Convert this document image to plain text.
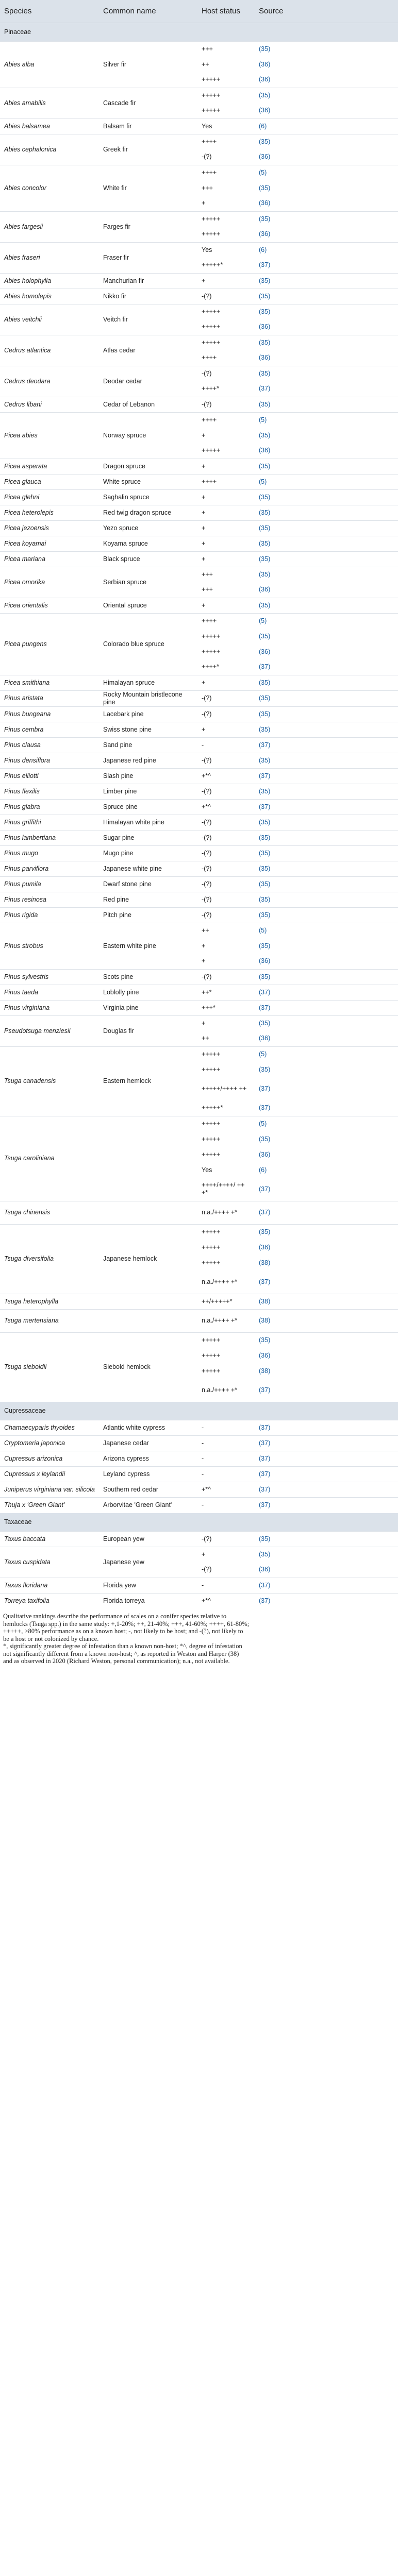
Species	Common name	Host status	Source
Pinaceae			
Abies alba	Silver fir	+++	(35)
		++	(36)
		+++++	(36)
Abies amabilis	Cascade fir	+++++	(35)
		+++++	(36)
Abies balsamea	Balsam fir	Yes	(6)
Abies cephalonica	Greek fir	++++	(35)
		-(?)	(36)
Abies concolor	White fir	++++	(5)
		+++	(35)
		+	(36)
Abies fargesii	Farges fir	+++++	(35)
		+++++	(36)
Abies fraseri	Fraser fir	Yes	(6)
		+++++*	(37)
Abies holophylla	Manchurian fir	+	(35)
Abies homolepis	Nikko fir	-(?)	(35)
Abies veitchii	Veitch fir	+++++	(35)
		+++++	(36)
Cedrus atlantica	Atlas cedar	+++++	(35)
		++++	(36)
Cedrus deodara	Deodar cedar	-(?)	(35)
		++++*	(37)
Cedrus libani	Cedar of Lebanon	-(?)	(35)
Picea abies	Norway spruce	++++	(5)
		+	(35)
		+++++	(36)
Picea asperata	Dragon spruce	+	(35)
Picea glauca	White spruce	++++	(5)
Picea glehni	Saghalin spruce	+	(35)
Picea heterolepis	Red twig dragon spruce	+	(35)
Picea jezoensis	Yezo spruce	+	(35)
Picea koyamai	Koyama spruce	+	(35)
Picea mariana	Black spruce	+	(35)
Picea omorika	Serbian spruce	+++	(35)
		+++	(36)
Picea orientalis	Oriental spruce	+	(35)
Picea pungens	Colorado blue spruce	++++	(5)
		+++++	(35)
		+++++	(36)
		++++*	(37)
Picea smithiana	Himalayan spruce	+	(35)
Pinus aristata	Rocky Mountain bristlecone pine	-(?)	(35)
Pinus bungeana	Lacebark pine	-(?)	(35)
Pinus cembra	Swiss stone pine	+	(35)
Pinus clausa	Sand pine	-	(37)
Pinus densiflora	Japanese red pine	-(?)	(35)
Pinus elliotti	Slash pine	+*^	(37)
Pinus flexilis	Limber pine	-(?)	(35)
Pinus glabra	Spruce pine	+*^	(37)
Pinus griffithi	Himalayan white pine	-(?)	(35)
Pinus lambertiana	Sugar pine	-(?)	(35)
Pinus mugo	Mugo pine	-(?)	(35)
Pinus parviflora	Japanese white pine	-(?)	(35)
Pinus pumila	Dwarf stone pine	-(?)	(35)
Pinus resinosa	Red pine	-(?)	(35)
Pinus rigida	Pitch pine	-(?)	(35)
Pinus strobus	Eastern white pine	++	(5)
		+	(35)
		+	(36)
Pinus sylvestris	Scots pine	-(?)	(35)
Pinus taeda	Loblolly pine	++*	(37)
Pinus virginiana	Virginia pine	+++*	(37)
Pseudotsuga menziesii	Douglas fir	+	(35)
		++	(36)
Tsuga canadensis	Eastern hemlock	+++++	(5)
		+++++	(35)
		+++++/++++ ++	(37)
		+++++*	(37)
Tsuga caroliniana		+++++	(5)
		+++++	(35)
		+++++	(36)
		Yes	(6)
		++++/++++/ ++ +*	(37)
Tsuga chinensis		n.a./++++ +*	(37)
Tsuga diversifolia	Japanese hemlock	+++++	(35)
		+++++	(36)
		+++++	(38)
		n.a./++++ +*	(37)
Tsuga heterophylla		++/+++++*	(38)
Tsuga mertensiana		n.a./++++ +*	(38)
Tsuga sieboldii	Siebold hemlock	+++++	(35)
		+++++	(36)
		+++++	(38)
		n.a./++++ +*	(37)
Cupressaceae			
Chamaecyparis thyoides	Atlantic white cypress	-	(37)
Cryptomeria japonica	Japanese cedar	-	(37)
Cupressus arizonica	Arizona cypress	-	(37)
Cupressus x leylandii	Leyland cypress	-	(37)
Juniperus virginiana var. silicola	Southern red cedar	+*^	(37)
Thuja x 'Green Giant'	Arborvitae 'Green Giant'	-	(37)
Taxaceae			
Taxus baccata	European yew	-(?)	(35)
Taxus cuspidata	Japanese yew	+	(35)
		-(?)	(36)
Taxus floridana	Florida yew	-	(37)
Torreya taxifolia	Florida torreya	+*^	(37)
Qualitative rankings describe the performance of scales on a conifer species relative to
hemlocks (Tsuga spp.) in the same study: +,1-20%; ++, 21-40%; +++, 41-60%; ++++, 61-80%;
+++++, >80% performance as on a known host; -, not likely to be host; and -(?), not likely to
be a host or not colonized by chance.
*, significantly greater degree of infestation than a known non-host; *^, degree of infestation
not significantly different from a known non-host; ^, as reported in Weston and Harper (38)
and as observed in 2020 (Richard Weston, personal communication); n.a., not available.
